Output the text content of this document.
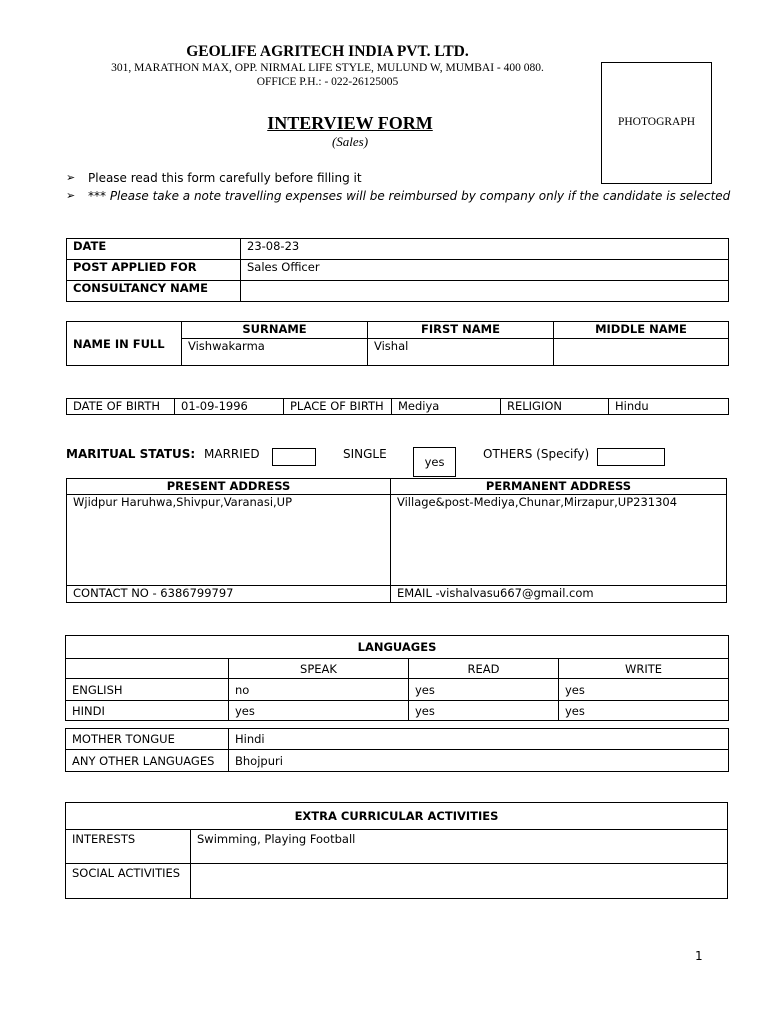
GEOLIFE AGRITECH INDIA PVT. LTD.
301, MARATHON MAX, OPP. NIRMAL LIFE STYLE, MULUND W, MUMBAI - 400 080.
OFFICE P.H.: - 022-26125005
PHOTOGRAPH
INTERVIEW FORM
(Sales)
➢ Please read this form carefully before filling it
➢ *** Please take a note travelling expenses will be reimbursed by company only if the candidate is selected
DATE	23-08-23
POST APPLIED FOR	Sales Officer
CONSULTANCY NAME	
NAME IN FULL	SURNAME	FIRST NAME	MIDDLE NAME
	Vishwakarma	Vishal	
DATE OF BIRTH	01-09-1996	PLACE OF BIRTH	Mediya	RELIGION	Hindu
MARITUAL STATUS: MARRIED	SINGLE
yes
OTHERS (Specify)
PRESENT ADDRESS	PERMANENT ADDRESS
Wjidpur Haruhwa,Shivpur,Varanasi,UP	Village&post-Mediya,Chunar,Mirzapur,UP231304
CONTACT NO - 6386799797	EMAIL -vishalvasu667@gmail.com
LANGUAGES			
	SPEAK	READ	WRITE
ENGLISH	no	yes	yes
HINDI	yes	yes	yes
MOTHER TONGUE	Hindi
ANY OTHER LANGUAGES	Bhojpuri
EXTRA CURRICULAR ACTIVITIES	
INTERESTS	Swimming, Playing Football
SOCIAL ACTIVITIES	
1
